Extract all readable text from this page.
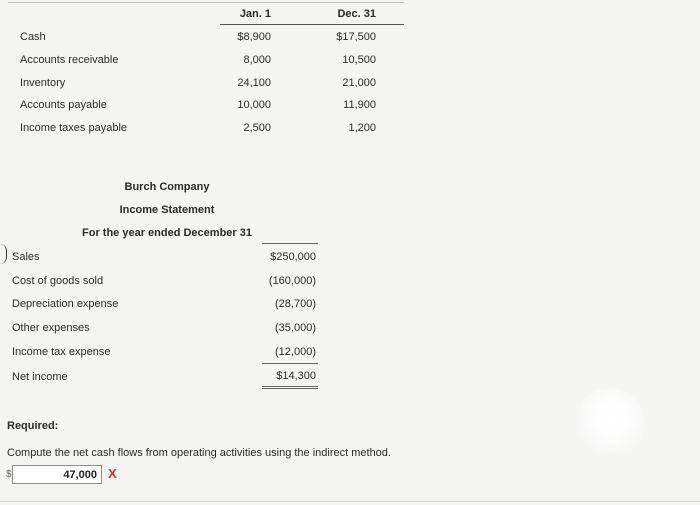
Jan. 1	Dec. 31
Cash	$8,900	$17,500
Accounts receivable	8,000	10,500
Inventory	24,100	21,000
Accounts payable	10,000	11,900
Income taxes payable	2,500	1,200
Burch Company
Income Statement
For the year ended December 31
Sales	$250,000
Cost of goods sold	(160,000)
Depreciation expense	(28,700)
Other expenses	(35,000)
Income tax expense	(12,000)
Net income	$14,300
Required:
Compute the net cash flows from operating activities using the indirect method.
$	47,000 X
